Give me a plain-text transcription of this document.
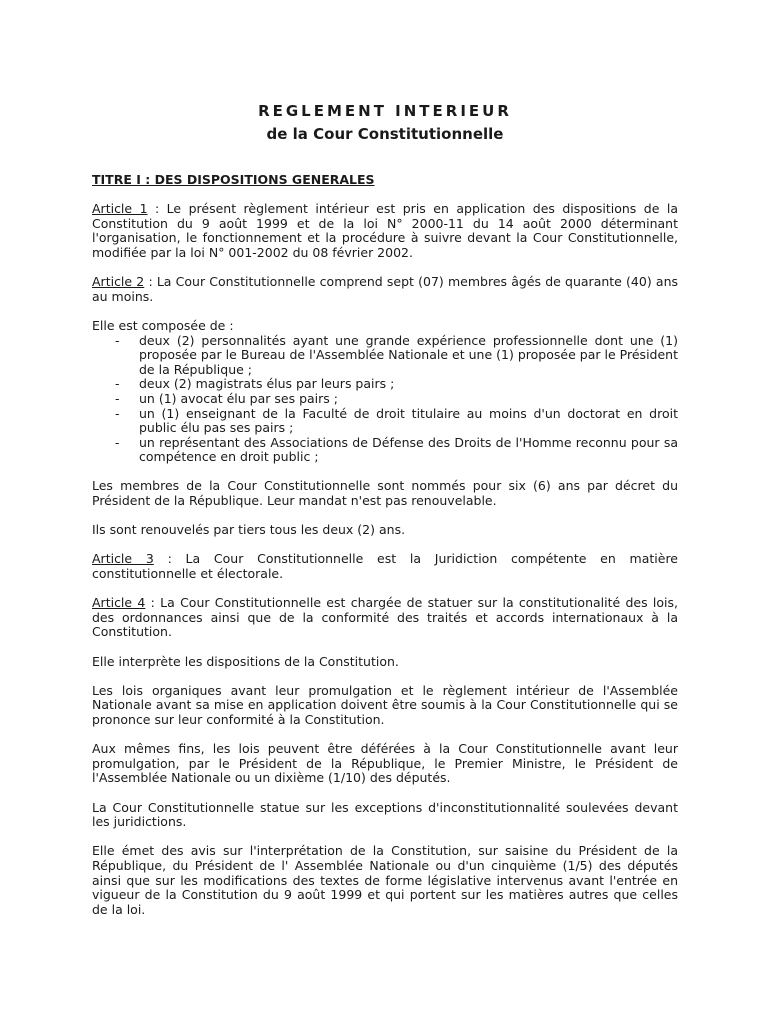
REGLEMENT INTERIEUR
de la Cour Constitutionnelle
TITRE I : DES DISPOSITIONS GENERALES

Article 1 : Le présent règlement intérieur est pris en application des dispositions de la Constitution du 9 août 1999 et de la loi N° 2000-11 du 14 août 2000 déterminant l'organisation, le fonctionnement et la procédure à suivre devant la Cour Constitutionnelle, modifiée par la loi N° 001-2002 du 08 février 2002.

Article 2 : La Cour Constitutionnelle comprend sept (07) membres âgés de quarante (40) ans au moins.

Elle est composée de :

- deux (2) personnalités ayant une grande expérience professionnelle dont une (1) proposée par le Bureau de l'Assemblée Nationale et une (1) proposée par le Président de la République ;
- deux (2) magistrats élus par leurs pairs ;
- un (1) avocat élu par ses pairs ;
- un (1) enseignant de la Faculté de droit titulaire au moins d'un doctorat en droit public élu pas ses pairs ;
- un représentant des Associations de Défense des Droits de l'Homme reconnu pour sa compétence en droit public ;

Les membres de la Cour Constitutionnelle sont nommés pour six (6) ans par décret du Président de la République. Leur mandat n'est pas renouvelable.

Ils sont renouvelés par tiers tous les deux (2) ans.

Article 3 : La Cour Constitutionnelle est la Juridiction compétente en matière constitutionnelle et électorale.

Article 4 : La Cour Constitutionnelle est chargée de statuer sur la constitutionalité des lois, des ordonnances ainsi que de la conformité des traités et accords internationaux à la Constitution.

Elle interprète les dispositions de la Constitution.

Les lois organiques avant leur promulgation et le règlement intérieur de l'Assemblée Nationale avant sa mise en application doivent être soumis à la Cour Constitutionnelle qui se prononce sur leur conformité à la Constitution.

Aux mêmes fins, les lois peuvent être déférées à la Cour Constitutionnelle avant leur promulgation, par le Président de la République, le Premier Ministre, le Président de l'Assemblée Nationale ou un dixième (1/10) des députés.

La Cour Constitutionnelle statue sur les exceptions d'inconstitutionnalité soulevées devant les juridictions.

Elle émet des avis sur l'interprétation de la Constitution, sur saisine du Président de la République, du Président de l' Assemblée Nationale ou d'un cinquième (1/5) des députés ainsi que sur les modifications des textes de forme législative intervenus avant l'entrée en vigueur de la Constitution du 9 août 1999 et qui portent sur les matières autres que celles de la loi.
